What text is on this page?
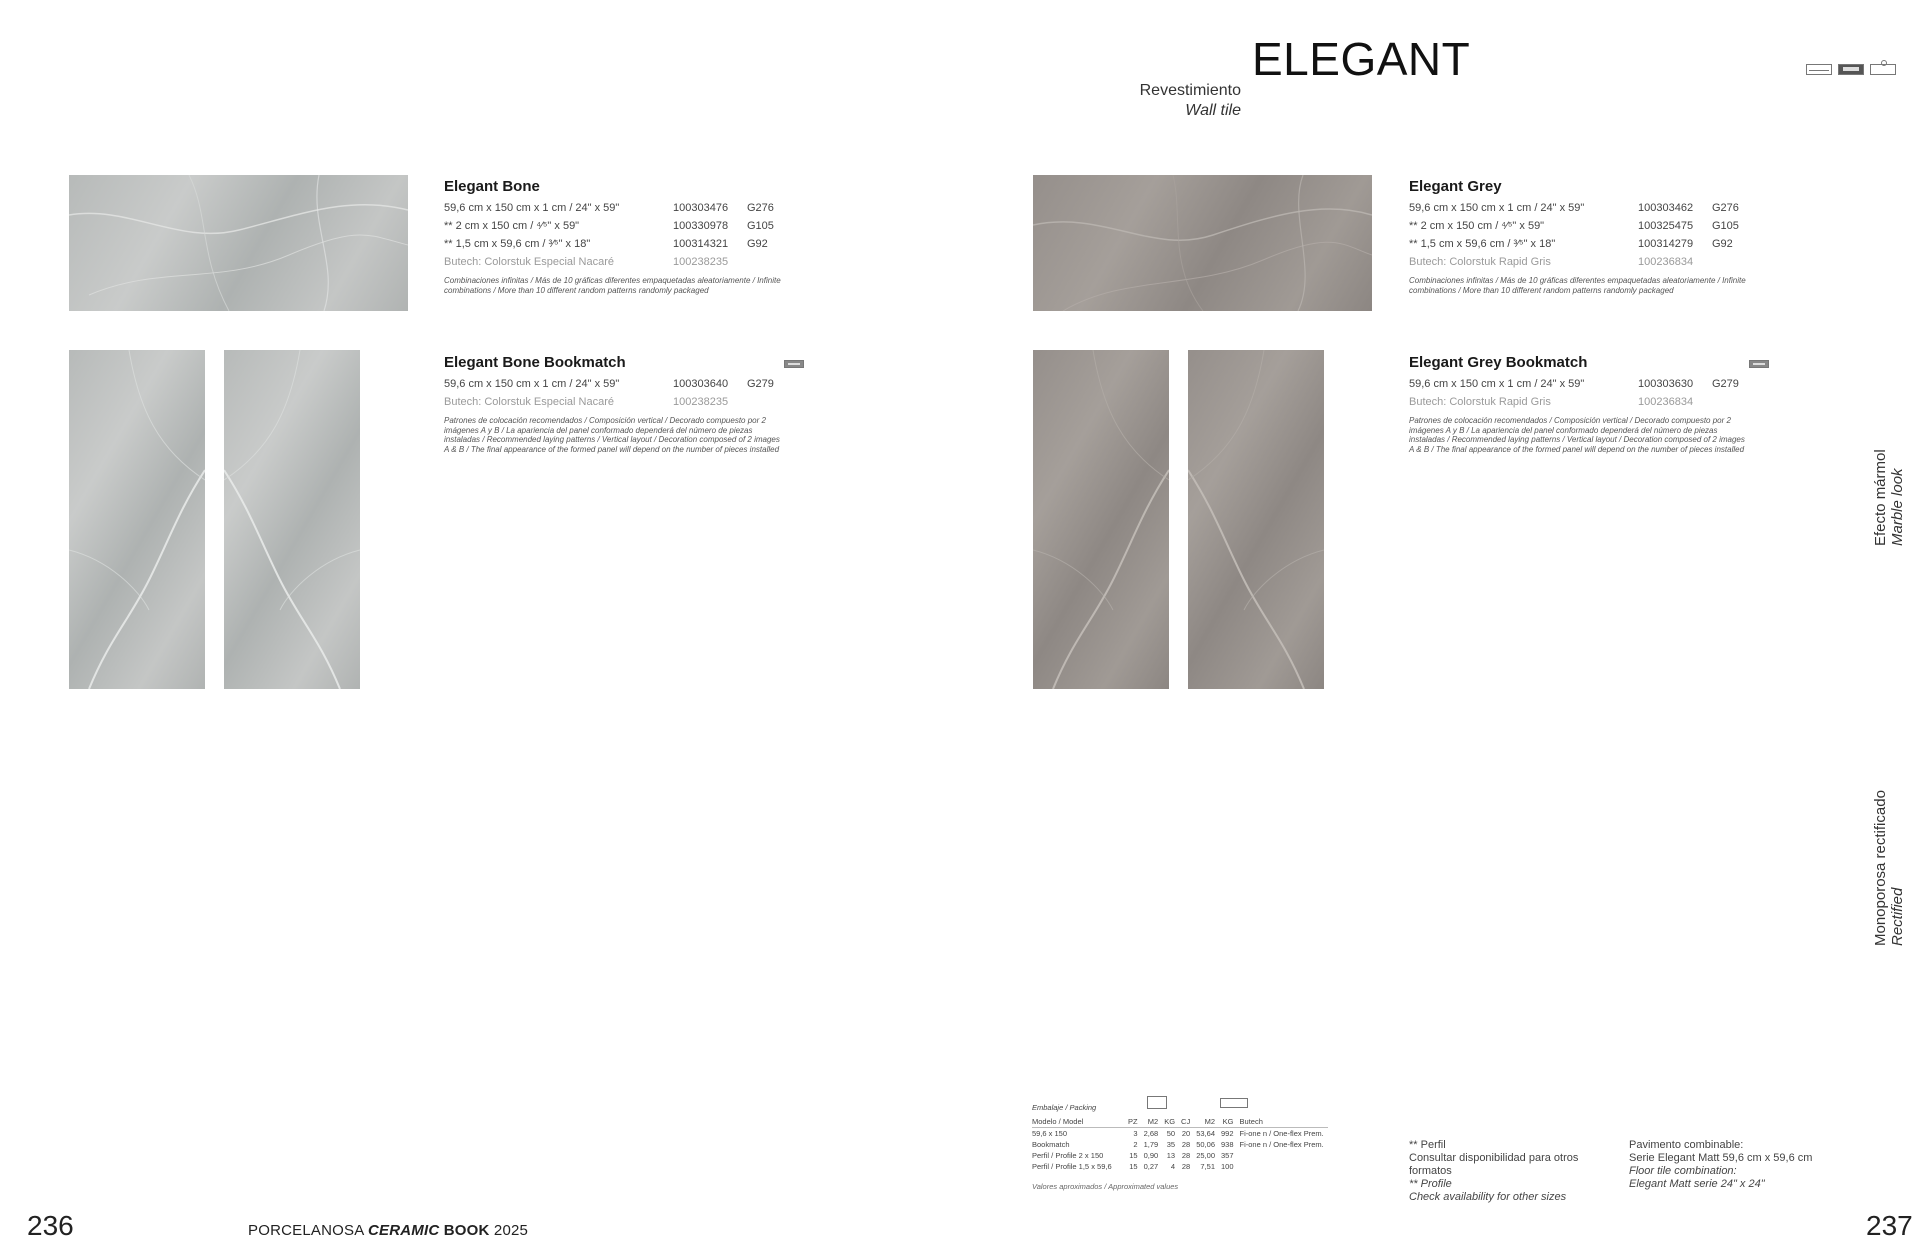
ELEGANT
Revestimiento
Wall tile
Elegant Bone
59,6 cm x 150 cm x 1 cm / 24" x 59"	100303476 G276
** 2 cm x 150 cm / ⁴⁄⁵" x 59"	100330978 G105
** 1,5 cm x 59,6 cm / ³⁄⁵" x 18"	100314321 G92
Butech: Colorstuk Especial Nacaré	100238235
Combinaciones infinitas / Más de 10 gráficas diferentes empaquetadas aleatoriamente / Infinite combinations / More than 10 different random patterns randomly packaged
Elegant Bone Bookmatch
59,6 cm x 150 cm x 1 cm / 24" x 59"	100303640 G279
Butech: Colorstuk Especial Nacaré	100238235
Patrones de colocación recomendados / Composición vertical / Decorado compuesto por 2 imágenes A y B / La apariencia del panel conformado dependerá del número de piezas instaladas / Recommended laying patterns / Vertical layout / Decoration composed of 2 images A & B / The final appearance of the formed panel will depend on the number of pieces installed
Elegant Grey
59,6 cm x 150 cm x 1 cm / 24" x 59"	100303462 G276
** 2 cm x 150 cm / ⁴⁄⁵" x 59"	100325475 G105
** 1,5 cm x 59,6 cm / ³⁄⁵" x 18"	100314279 G92
Butech: Colorstuk Rapid Gris	100236834
Combinaciones infinitas / Más de 10 gráficas diferentes empaquetadas aleatoriamente / Infinite combinations / More than 10 different random patterns randomly packaged
Elegant Grey Bookmatch
59,6 cm x 150 cm x 1 cm / 24" x 59"	100303630 G279
Butech: Colorstuk Rapid Gris	100236834
Patrones de colocación recomendados / Composición vertical / Decorado compuesto por 2 imágenes A y B / La apariencia del panel conformado dependerá del número de piezas instaladas / Recommended laying patterns / Vertical layout / Decoration composed of 2 images A & B / The final appearance of the formed panel will depend on the number of pieces installed
Efecto mármol Marble look
Monoporosa rectificado Rectified
Embalaje / Packing
Modelo / Model	PZ	M2	KG	CJ	M2	KG	Butech
59,6 x 150	3	2,68	50	20	53,64	992	Fi-one n / One-flex Prem.
Bookmatch	2	1,79	35	28	50,06	938	Fi-one n / One-flex Prem.
Perfil / Profile 2 x 150	15	0,90	13	28	25,00	357	
Perfil / Profile 1,5 x 59,6	15	0,27	4	28	7,51	100	
Valores aproximados / Approximated values
** Perfil
Consultar disponibilidad para otros formatos
** Profile
Check availability for other sizes
Pavimento combinable:
Serie Elegant Matt 59,6 cm x 59,6 cm
Floor tile combination:
Elegant Matt serie 24" x 24"
236	237
PORCELANOSA CERAMIC BOOK 2025
